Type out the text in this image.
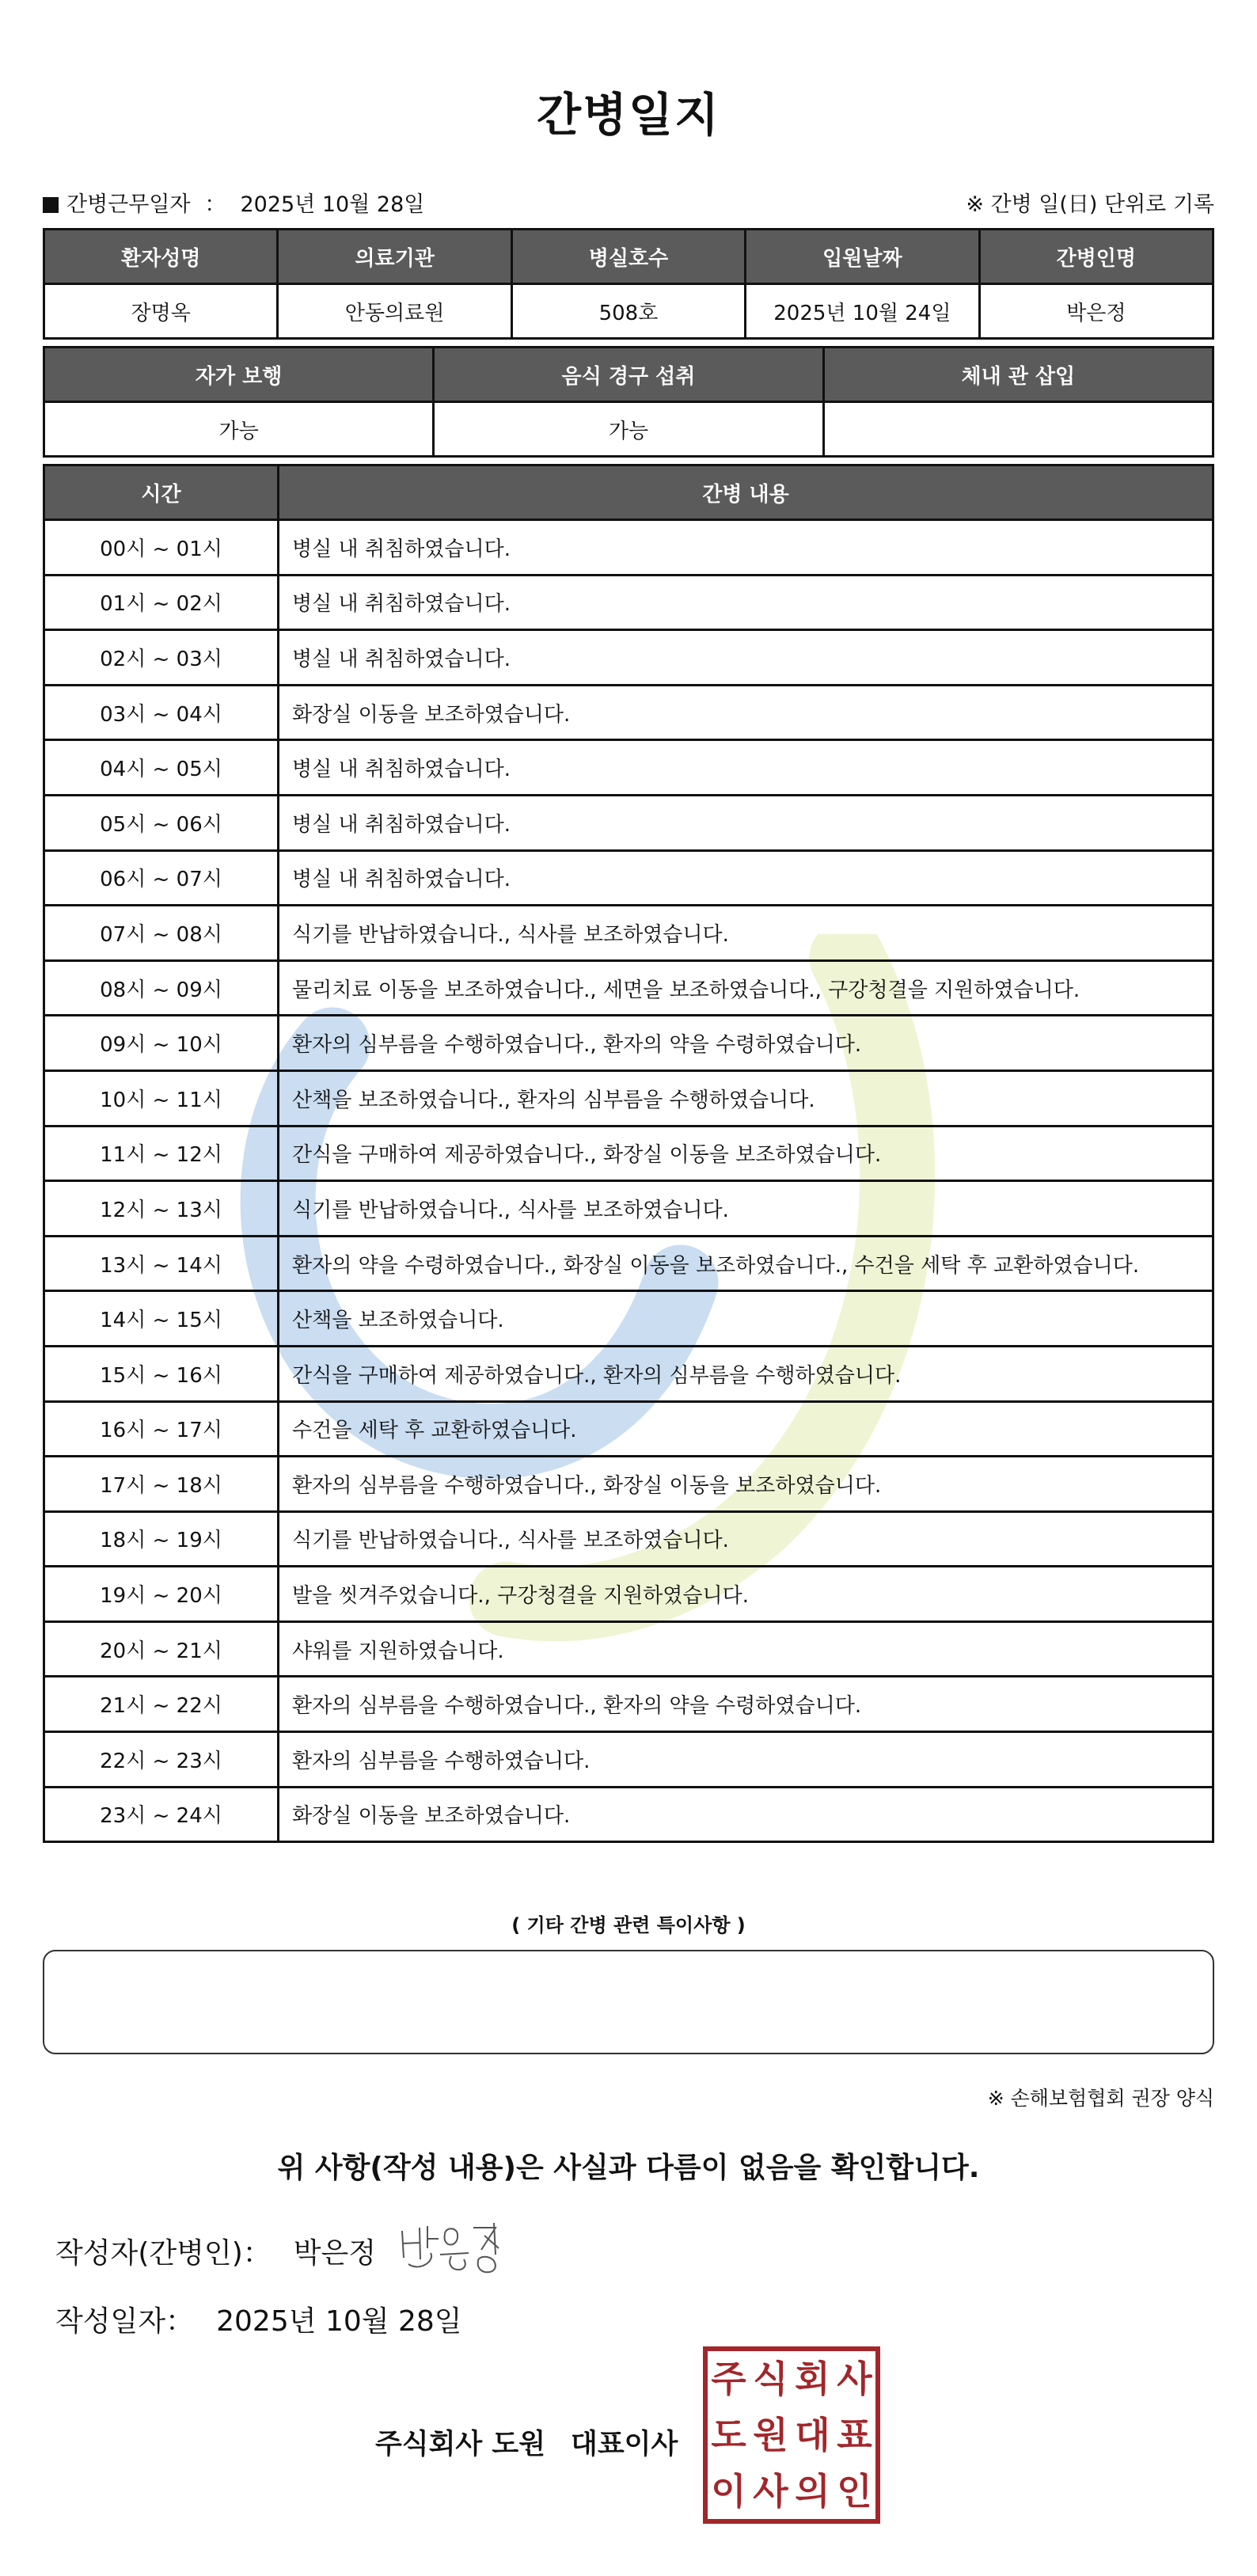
간병일지
간병근무일자 ： 2025년 10월 28일	※ 간병 일(日) 단위로 기록
환자성명	의료기관	병실호수	입원날짜	간병인명
장명옥	안동의료원	508호	2025년 10월 24일	박은정
자가 보행	음식 경구 섭취	체내 관 삽입
가능	가능	
시간	간병 내용
00시 ~ 01시	병실 내 취침하였습니다.
01시 ~ 02시	병실 내 취침하였습니다.
02시 ~ 03시	병실 내 취침하였습니다.
03시 ~ 04시	화장실 이동을 보조하였습니다.
04시 ~ 05시	병실 내 취침하였습니다.
05시 ~ 06시	병실 내 취침하였습니다.
06시 ~ 07시	병실 내 취침하였습니다.
07시 ~ 08시	식기를 반납하였습니다., 식사를 보조하였습니다.
08시 ~ 09시	물리치료 이동을 보조하였습니다., 세면을 보조하였습니다., 구강청결을 지원하였습니다.
09시 ~ 10시	환자의 심부름을 수행하였습니다., 환자의 약을 수령하였습니다.
10시 ~ 11시	산책을 보조하였습니다., 환자의 심부름을 수행하였습니다.
11시 ~ 12시	간식을 구매하여 제공하였습니다., 화장실 이동을 보조하였습니다.
12시 ~ 13시	식기를 반납하였습니다., 식사를 보조하였습니다.
13시 ~ 14시	환자의 약을 수령하였습니다., 화장실 이동을 보조하였습니다., 수건을 세탁 후 교환하였습니다.
14시 ~ 15시	산책을 보조하였습니다.
15시 ~ 16시	간식을 구매하여 제공하였습니다., 환자의 심부름을 수행하였습니다.
16시 ~ 17시	수건을 세탁 후 교환하였습니다.
17시 ~ 18시	환자의 심부름을 수행하였습니다., 화장실 이동을 보조하였습니다.
18시 ~ 19시	식기를 반납하였습니다., 식사를 보조하였습니다.
19시 ~ 20시	발을 씻겨주었습니다., 구강청결을 지원하였습니다.
20시 ~ 21시	샤워를 지원하였습니다.
21시 ~ 22시	환자의 심부름을 수행하였습니다., 환자의 약을 수령하였습니다.
22시 ~ 23시	환자의 심부름을 수행하였습니다.
23시 ~ 24시	화장실 이동을 보조하였습니다.
( 기타 간병 관련 특이사항 )
※ 손해보험협회 권장 양식
위 사항(작성 내용)은 사실과 다름이 없음을 확인합니다.
작성자(간병인)： 박은정
작성일자： 2025년 10월 28일
주식회사 도원 대표이사
주 식 회 사
도 원 대 표
이 사 의 인
